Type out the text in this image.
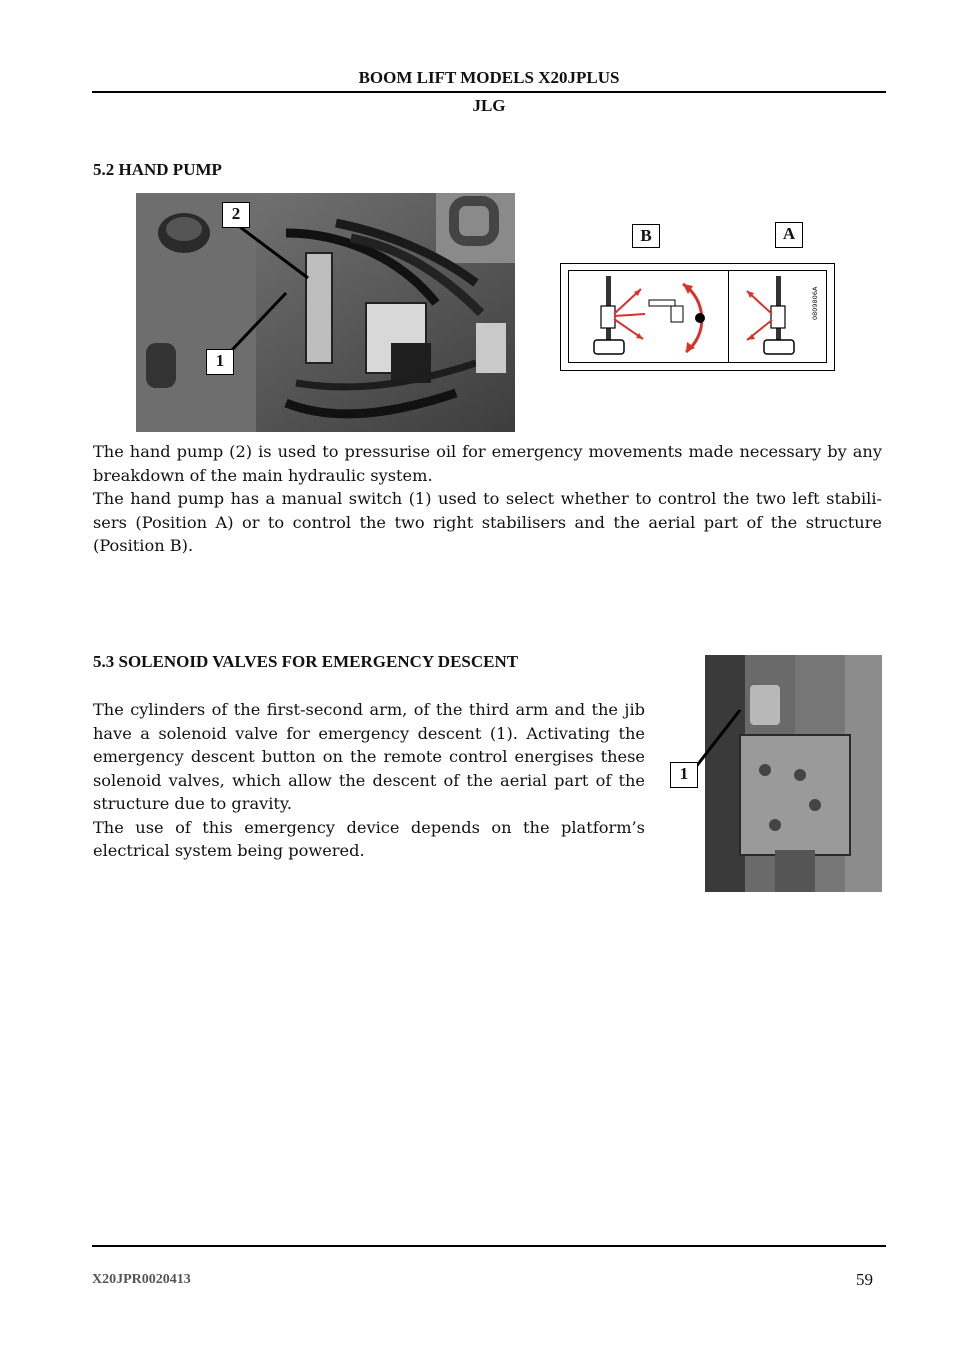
BOOM LIFT MODELS X20JPLUS
JLG
5.2 HAND PUMP
2
1
B	A
0809806A

The hand pump (2) is used to pressurise oil for emergency movements made necessary by any breakdown of the main hydraulic system.

The hand pump has a manual switch (1) used to select whether to control the two left stabili-sers (Position A) or to control the two right stabilisers and the aerial part of the structure (Position B).

5.3 SOLENOID VALVES FOR EMERGENCY DESCENT

The cylinders of the first-second arm, of the third arm and the jib have a solenoid valve for emergency descent (1). Activating the emergency descent button on the remote control energises these solenoid valves, which allow the descent of the aerial part of the structure due to gravity.

The use of this emergency device depends on the platform’s electrical system being powered.

1
X20JPR0020413	59
